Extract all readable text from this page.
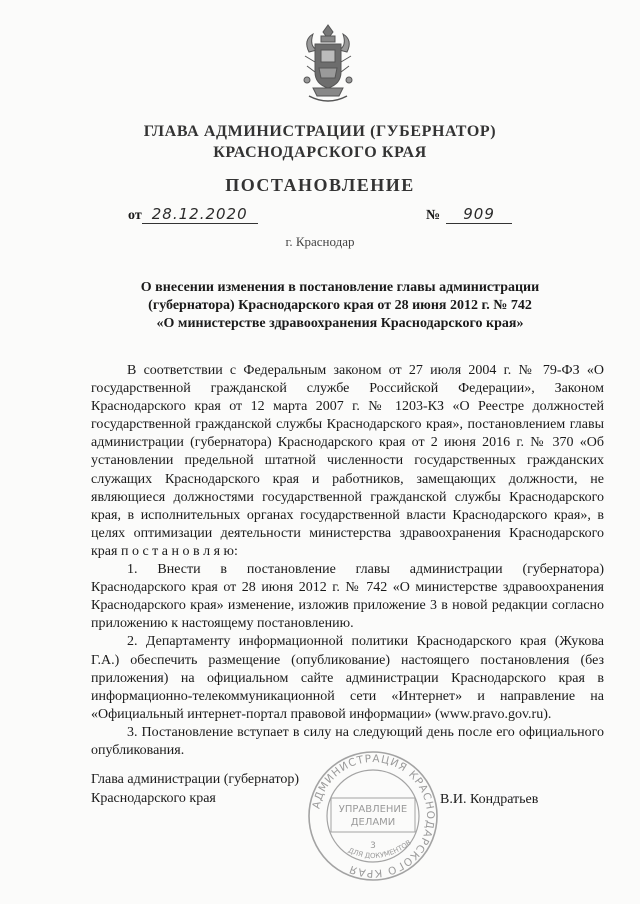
ГЛАВА АДМИНИСТРАЦИИ (ГУБЕРНАТОР)
КРАСНОДАРСКОГО КРАЯ
ПОСТАНОВЛЕНИЕ
от 28.12.2020	№ 909
г. Краснодар
О внесении изменения в постановление главы администрации
(губернатора) Краснодарского края от 28 июня 2012 г. № 742
«О министерстве здравоохранения Краснодарского края»

В соответствии с Федеральным законом от 27 июля 2004 г. № 79-ФЗ «О государственной гражданской службе Российской Федерации», Законом Краснодарского края от 12 марта 2007 г. № 1203-КЗ «О Реестре должностей государственной гражданской службы Краснодарского края», постановлением главы администрации (губернатора) Краснодарского края от 2 июня 2016 г. № 370 «Об установлении предельной штатной численности государственных гражданских служащих Краснодарского края и работников, замещающих должности, не являющиеся должностями государственной гражданской службы Краснодарского края, в исполнительных органах государственной власти Краснодарского края», в целях оптимизации деятельности министерства здравоохранения Краснодарского края п о с т а н о в л я ю:

1. Внести в постановление главы администрации (губернатора) Краснодарского края от 28 июня 2012 г. № 742 «О министерстве здравоохранения Краснодарского края» изменение, изложив приложение 3 в новой редакции согласно приложению к настоящему постановлению.

2. Департаменту информационной политики Краснодарского края (Жукова Г.А.) обеспечить размещение (опубликование) настоящего постановления (без приложения) на официальном сайте администрации Краснодарского края в информационно-телекоммуникационной сети «Интернет» и направление на «Официальный интернет-портал правовой информации» (www.pravo.gov.ru).

3. Постановление вступает в силу на следующий день после его официального опубликования.

Глава администрации (губернатор)
Краснодарского края	В.И. Кондратьев
АДМИНИСТРАЦИЯ КРАСНОДАРСКОГО КРАЯ
УПРАВЛЕНИЕ
ДЕЛАМИ
3
ДЛЯ ДОКУМЕНТОВ
